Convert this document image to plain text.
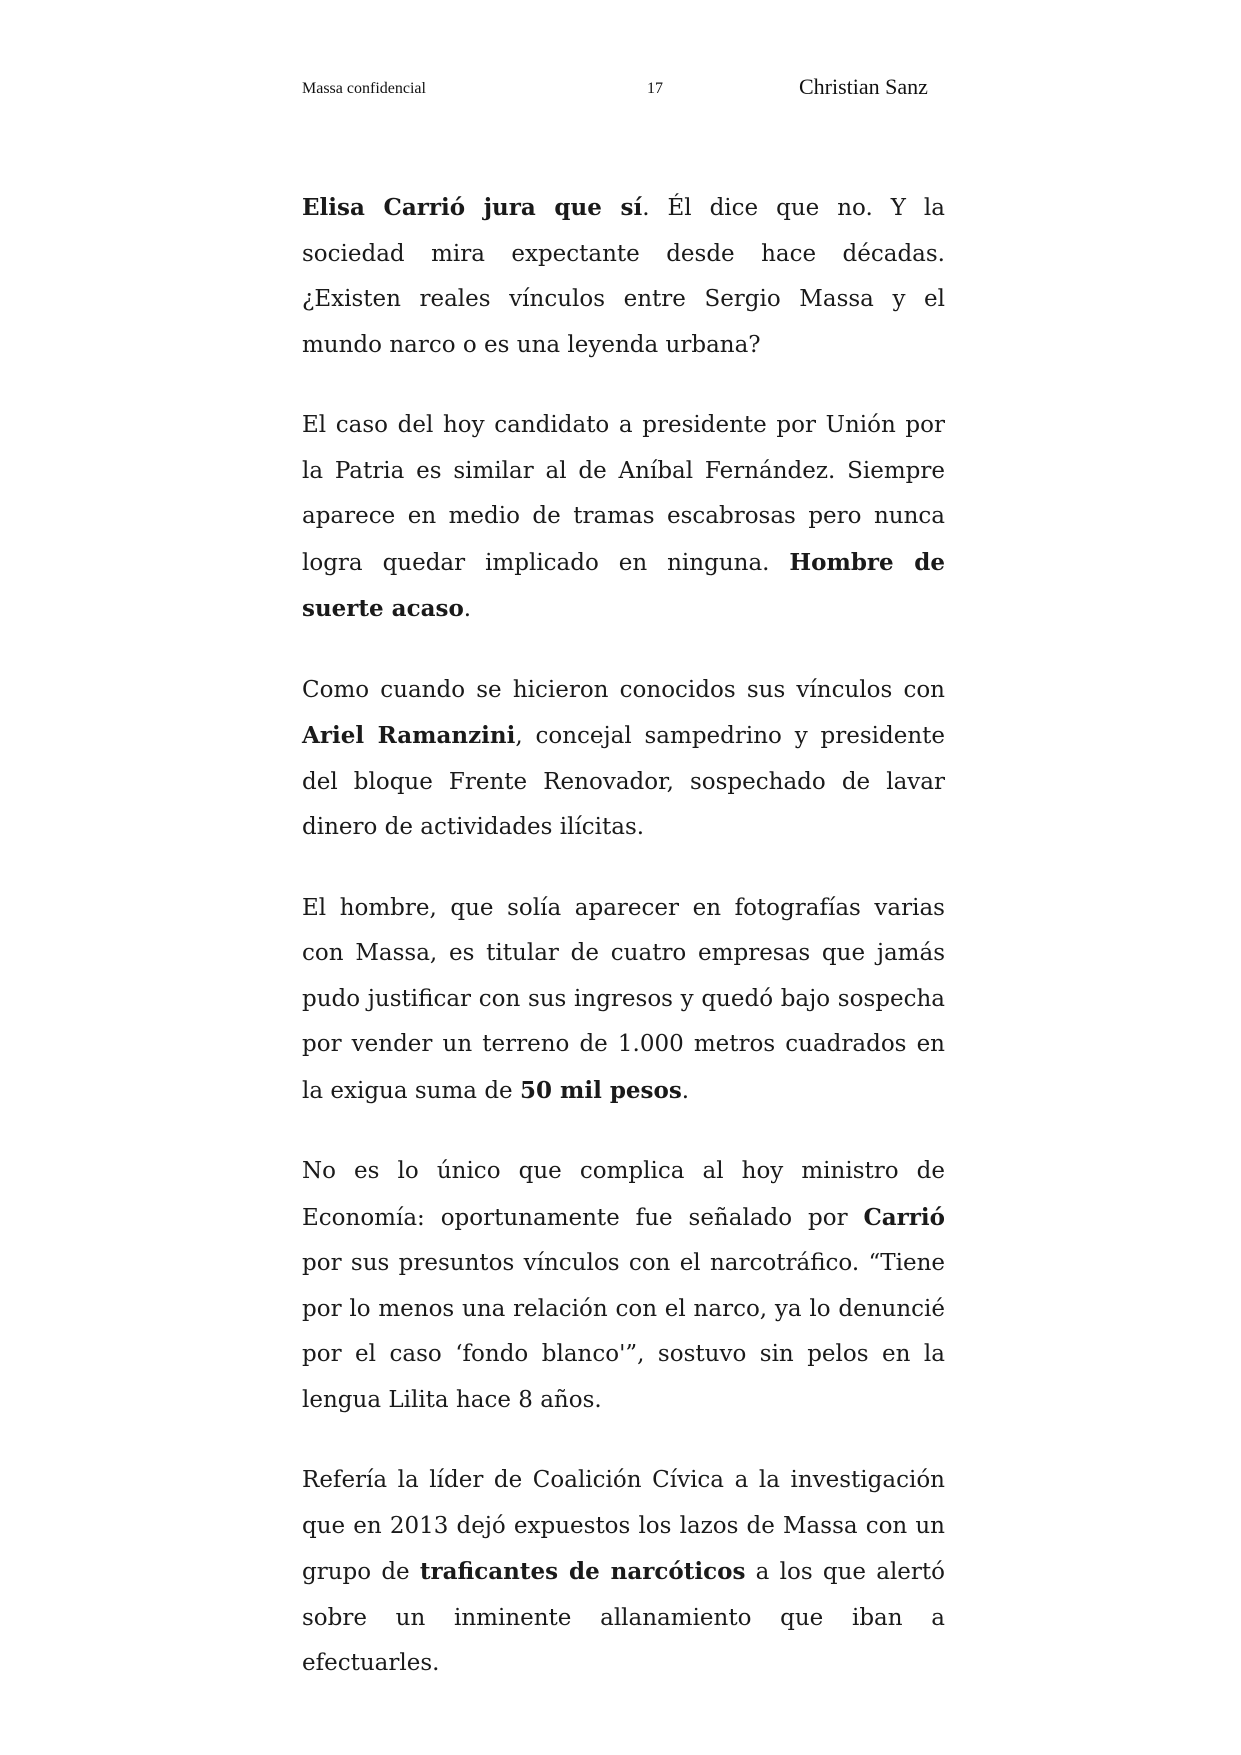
Massa confidencial	17	Christian Sanz

Elisa Carrió jura que sí. Él dice que no. Y la sociedad mira expectante desde hace décadas. ¿Existen reales vínculos entre Sergio Massa y el mundo narco o es una leyenda urbana?

El caso del hoy candidato a presidente por Unión por la Patria es similar al de Aníbal Fernández. Siempre aparece en medio de tramas escabrosas pero nunca logra quedar implicado en ninguna. Hombre de suerte acaso.

Como cuando se hicieron conocidos sus vínculos con Ariel Ramanzini, concejal sampedrino y presidente del bloque Frente Renovador, sospechado de lavar dinero de actividades ilícitas.

El hombre, que solía aparecer en fotografías varias con Massa, es titular de cuatro empresas que jamás pudo justificar con sus ingresos y quedó bajo sospecha por vender un terreno de 1.000 metros cuadrados en la exigua suma de 50 mil pesos.

No es lo único que complica al hoy ministro de Economía: oportunamente fue señalado por Carrió por sus presuntos vínculos con el narcotráfico. “Tiene por lo menos una relación con el narco, ya lo denuncié por el caso ‘fondo blanco'”, sostuvo sin pelos en la lengua Lilita hace 8 años.

Refería la líder de Coalición Cívica a la investigación que en 2013 dejó expuestos los lazos de Massa con un grupo de traficantes de narcóticos a los que alertó sobre un inminente allanamiento que iban a efectuarles.
